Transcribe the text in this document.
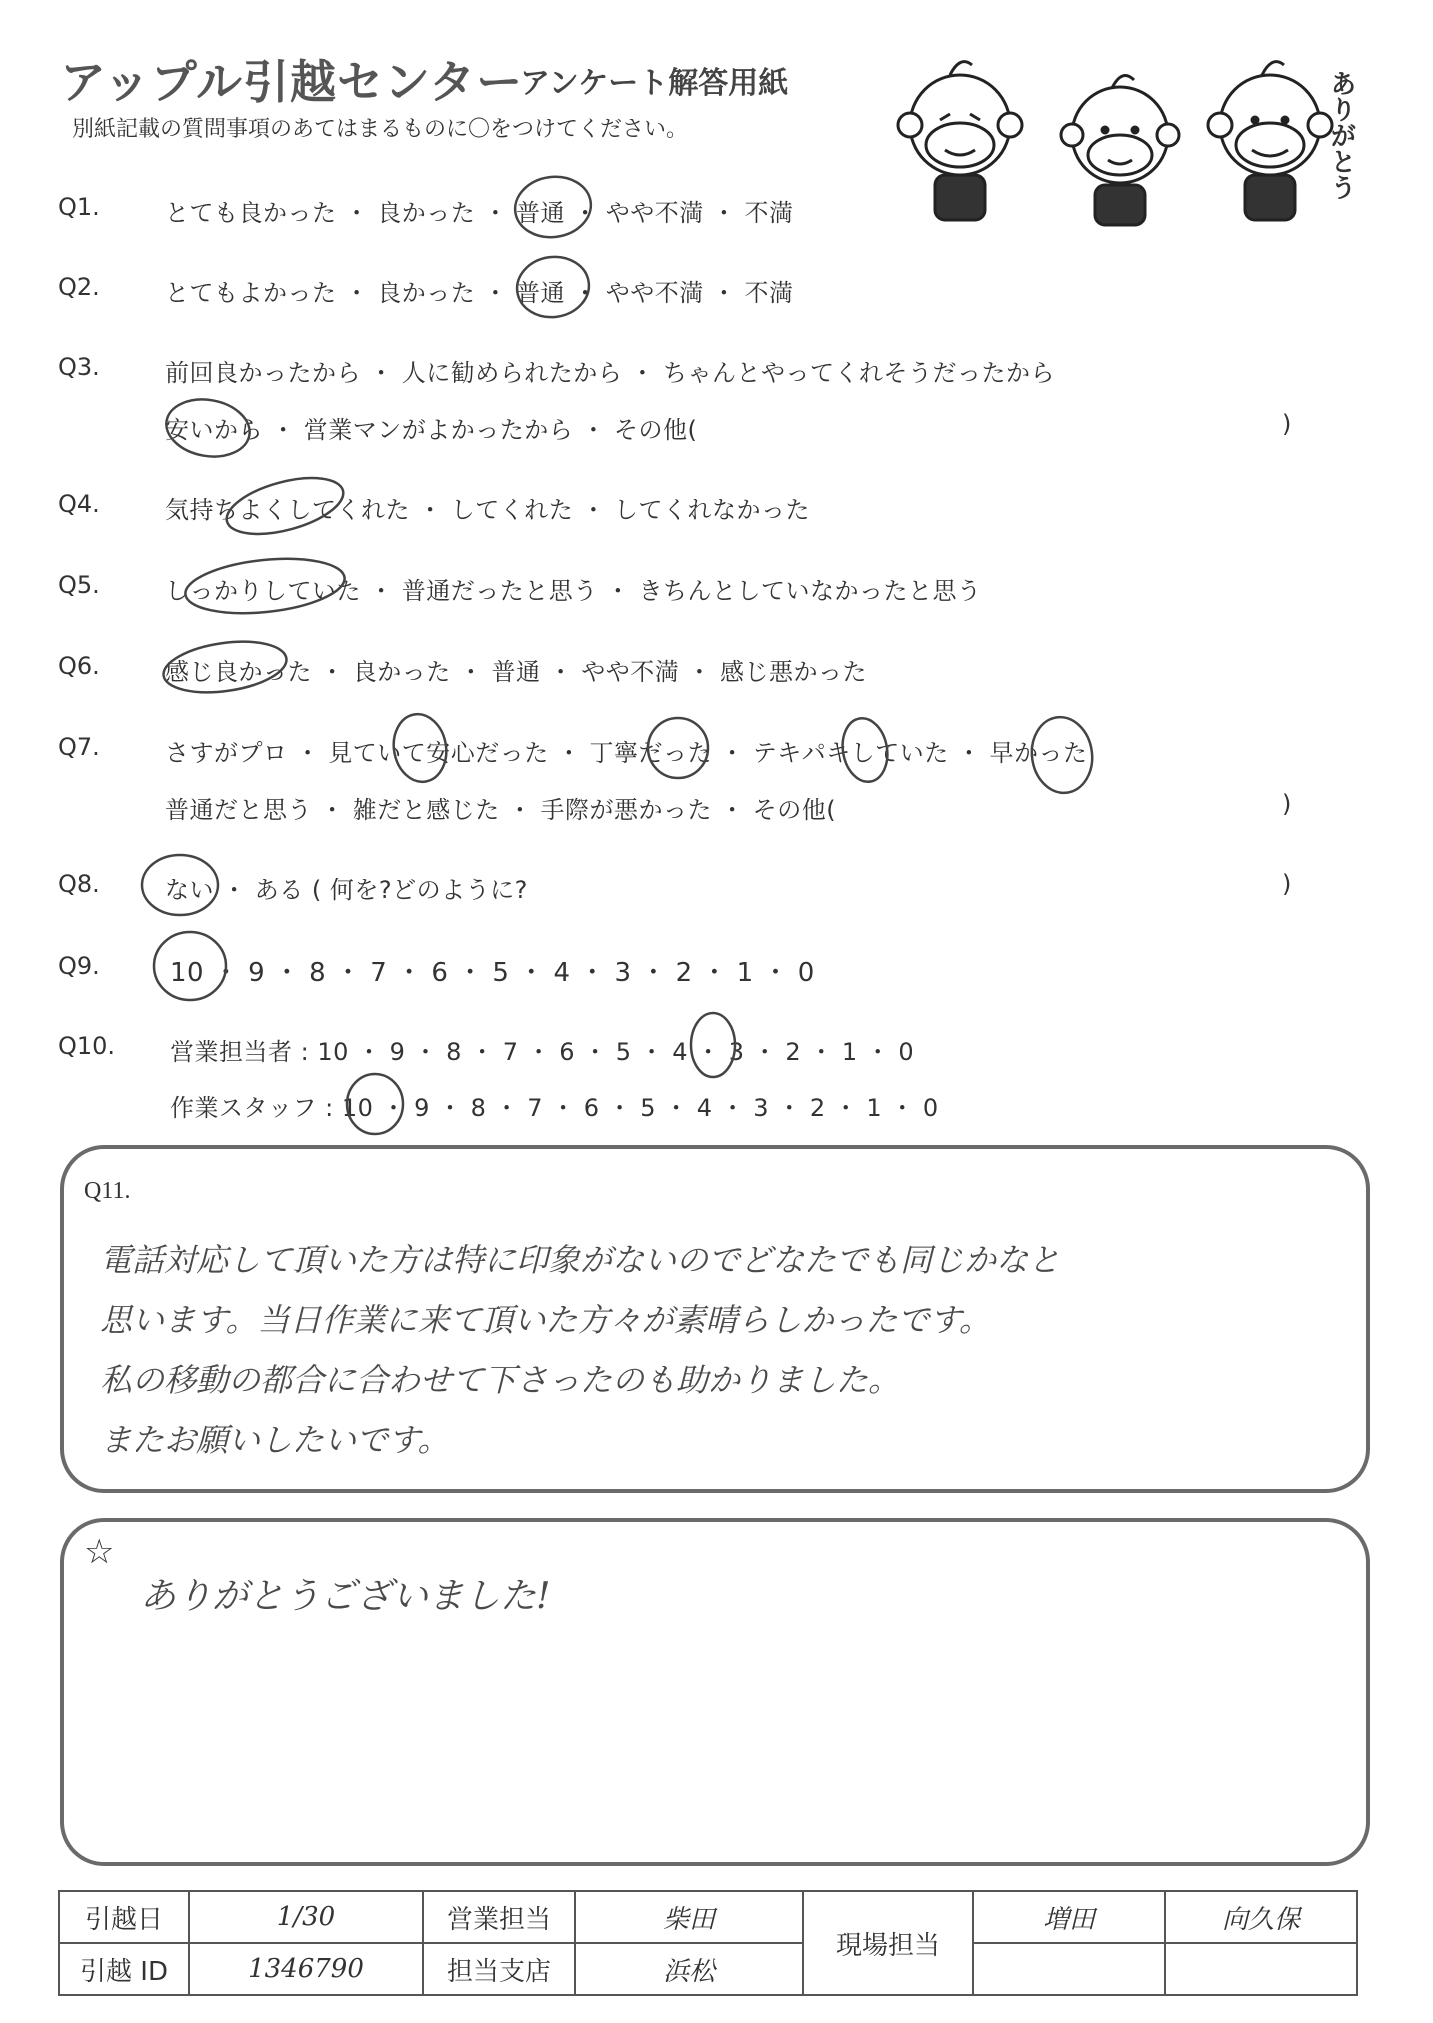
アップル引越センター
アンケート解答用紙
別紙記載の質問事項のあてはまるものに〇をつけてください。	ありがとう
Q1.	とても良かった ・ 良かった ・ 普通 ・ やや不満 ・ 不満
Q2.	とてもよかった ・ 良かった ・ 普通 ・ やや不満 ・ 不満
Q3.	前回良かったから ・ 人に勧められたから ・ ちゃんとやってくれそうだったから
安いから ・ 営業マンがよかったから ・ その他(	)
Q4.	気持ちよくしてくれた ・ してくれた ・ してくれなかった
Q5.	しっかりしていた ・ 普通だったと思う ・ きちんとしていなかったと思う
Q6.	感じ良かった ・ 良かった ・ 普通 ・ やや不満 ・ 感じ悪かった
Q7.	さすがプロ ・ 見ていて安心だった ・ 丁寧だった ・ テキパキしていた ・ 早かった
普通だと思う ・ 雑だと感じた ・ 手際が悪かった ・ その他(	)
Q8.	ない ・ ある ( 何を?どのように?	)
Q9.	10 ・ 9 ・ 8 ・ 7 ・ 6 ・ 5 ・ 4 ・ 3 ・ 2 ・ 1 ・ 0
Q10. 営業担当者 : 10 ・ 9 ・ 8 ・ 7 ・ 6 ・ 5 ・ 4 ・ 3 ・ 2 ・ 1 ・ 0
作業スタッフ : 10 ・ 9 ・ 8 ・ 7 ・ 6 ・ 5 ・ 4 ・ 3 ・ 2 ・ 1 ・ 0
Q11.
電話対応して頂いた方は特に印象がないのでどなたでも同じかなと
思います。当日作業に来て頂いた方々が素晴らしかったです。
私の移動の都合に合わせて下さったのも助かりました。
またお願いしたいです。
☆
ありがとうございました!
引越日	1/30	営業担当	柴田	現場担当	増田	向久保
引越 ID	1346790	担当支店	浜松			
